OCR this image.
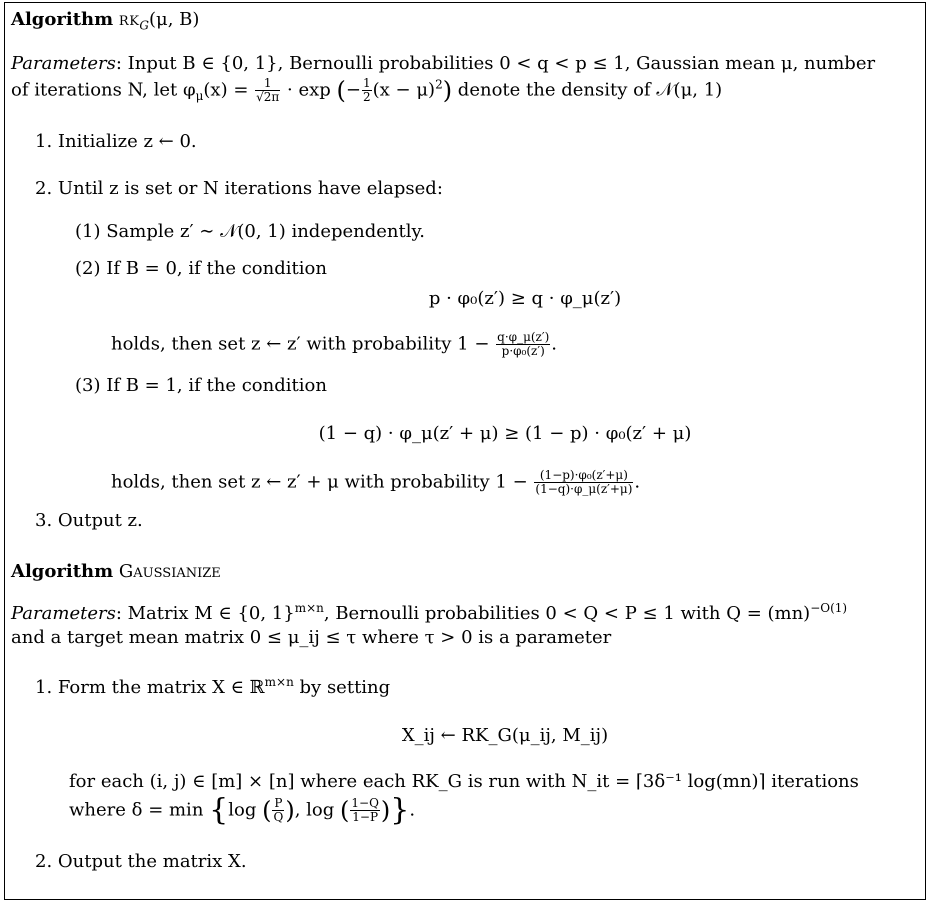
Algorithm $RK_G(\mu$, B)
Parameters: Input B ∈ {0, 1}, Bernoulli probabilities 0 < q < p ≤ 1, Gaussian mean μ, number
of iterations N, let $\varphi_\mu(x) = \frac{1}{√2\pi} \cdot \exp$ (− $\frac{1}{2} (x - \mu)^2$) denote the density of 𝒩(μ, 1)
1. Initialize z ← 0.
2. Until z is set or N iterations have elapsed:
(1) Sample z′ ∼ 𝒩(0, 1) independently.
(2) If B = 0, if the condition
p · φ₀(z′) ≥ q · φ_μ(z′)
holds, then set z ← z′ with probability $1 - \frac{q\cdot\varphi\_\mu(z')}{\text{p·φ₀(z′)}}$ .
(3) If B = 1, if the condition
(1 − q) · φ_μ(z′ + μ) ≥ (1 − p) · φ₀(z′ + μ)
holds, then set z ← z′ + μ with probability $1 - \frac{\text{(1−p)·φ₀(z′+μ)}}{(1-q)\cdot\varphi\_\mu(z'+\mu)}$ .
3. Output z.
Algorithm Gaussianize
Parameters: Matrix M ∈ {0, 1}$^{m\times n}$, Bernoulli probabilities 0 < Q < P ≤ 1 with Q = (mn)$^{-O(1)}$
and a target mean matrix 0 ≤ μ_ij ≤ τ where τ > 0 is a parameter
1. Form the matrix X ∈ ℝ$^{m\times n}$ by setting
X_ij ← RK_G(μ_ij, M_ij)
for each (i, j) ∈ [m] × [n] where each RK_G is run with N_it = ⌈3δ⁻¹ log(mn)⌉ iterations
where δ = min {log ( $\frac{P}{Q}$ ), log ( $\frac{1-Q}{1-P}$ )}.
2. Output the matrix X.
